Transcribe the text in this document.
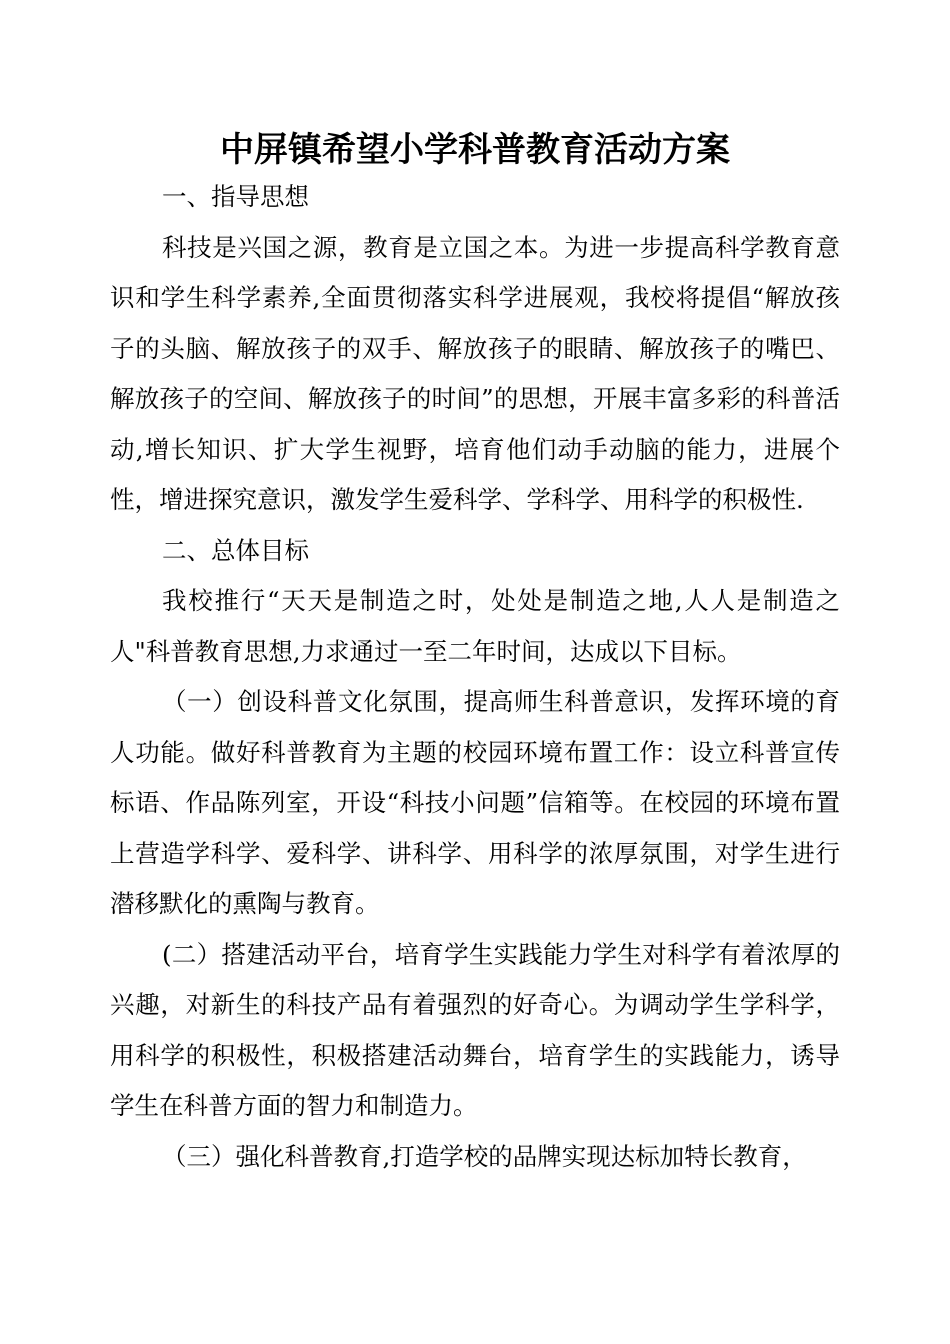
中屏镇希望小学科普教育活动方案

一、指导思想

科技是兴国之源，教育是立国之本。为进一步提高科学教育意识和学生科学素养,全面贯彻落实科学进展观，我校将提倡“解放孩子的头脑、解放孩子的双手、解放孩子的眼睛、解放孩子的嘴巴、解放孩子的空间、解放孩子的时间”的思想，开展丰富多彩的科普活动,增长知识、扩大学生视野，培育他们动手动脑的能力，进展个性，增进探究意识，激发学生爱科学、学科学、用科学的积极性.

二、总体目标

我校推行“天天是制造之时，处处是制造之地,人人是制造之人"科普教育思想,力求通过一至二年时间，达成以下目标。

（一）创设科普文化氛围，提高师生科普意识，发挥环境的育人功能。做好科普教育为主题的校园环境布置工作：设立科普宣传标语、作品陈列室，开设“科技小问题”信箱等。在校园的环境布置上营造学科学、爱科学、讲科学、用科学的浓厚氛围，对学生进行潜移默化的熏陶与教育。

(二）搭建活动平台，培育学生实践能力学生对科学有着浓厚的兴趣，对新生的科技产品有着强烈的好奇心。为调动学生学科学，用科学的积极性，积极搭建活动舞台，培育学生的实践能力，诱导学生在科普方面的智力和制造力。

（三）强化科普教育,打造学校的品牌实现达标加特长教育，
